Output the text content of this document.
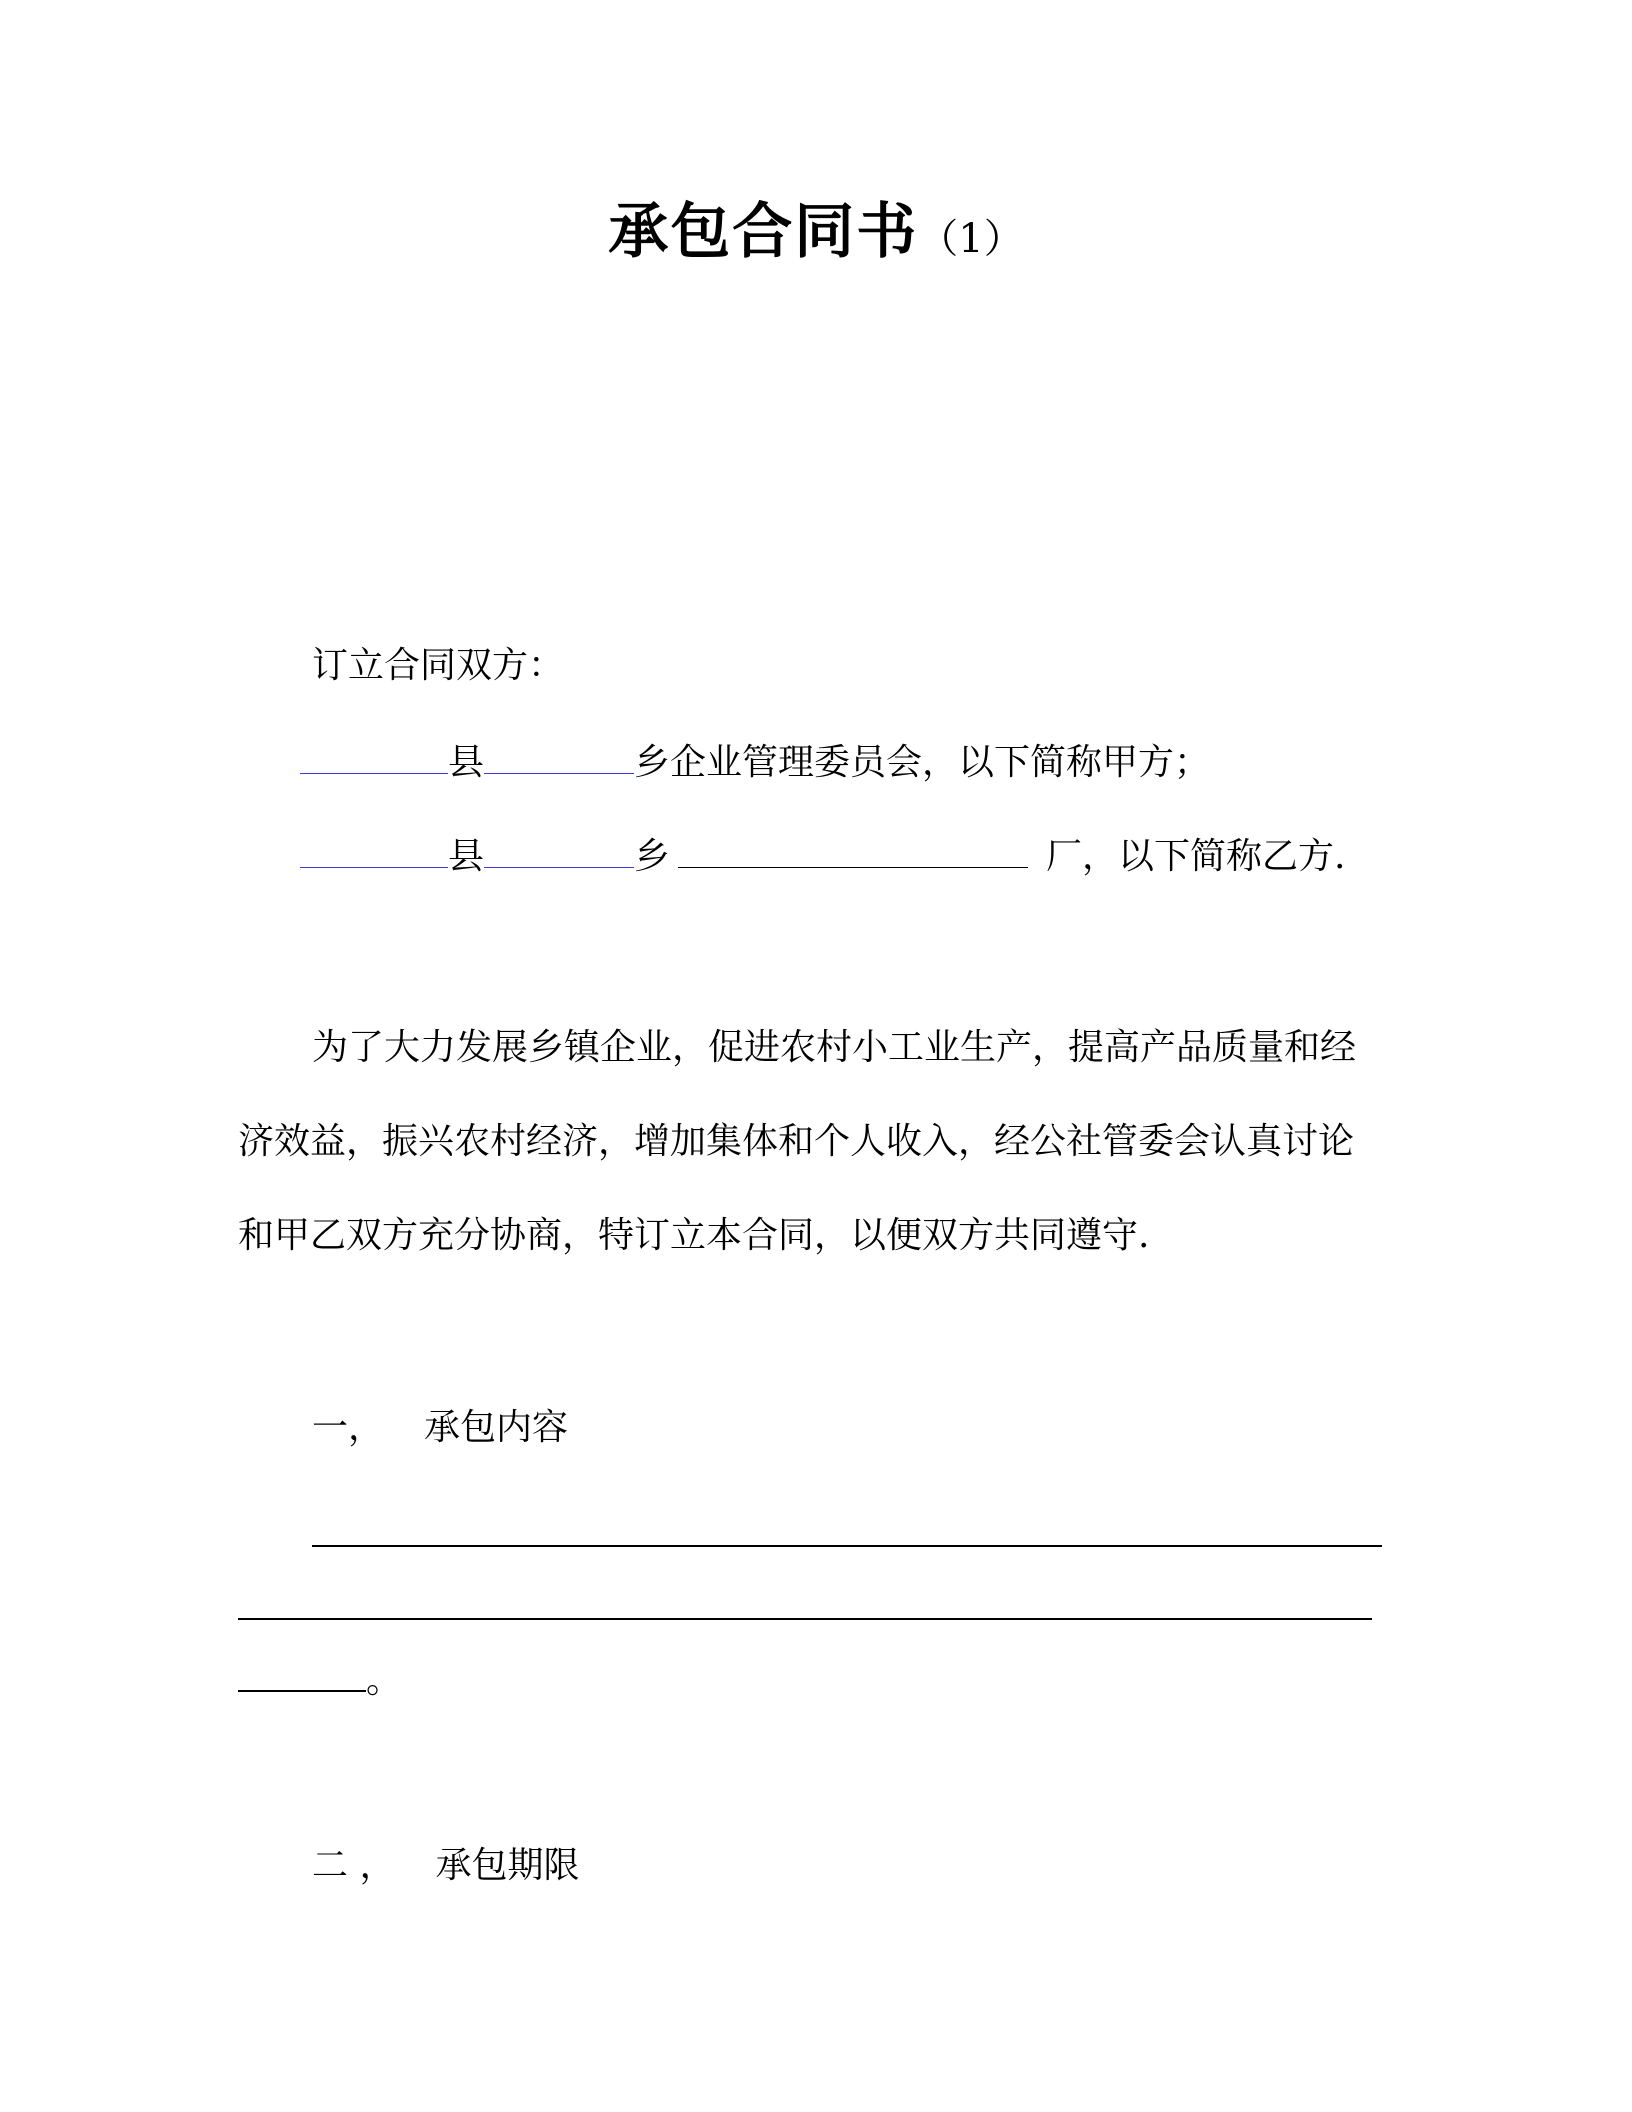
承包合同书（1）
订立合同双方：
县	乡企业管理委员会，以下简称甲方；
县	乡	厂，以下简称乙方.
为了大力发展乡镇企业，促进农村小工业生产，提高产品质量和经
济效益，振兴农村经济，增加集体和个人收入，经公社管委会认真讨论
和甲乙双方充分协商，特订立本合同，以便双方共同遵守.
一， 承包内容
。
二 ， 承包期限
